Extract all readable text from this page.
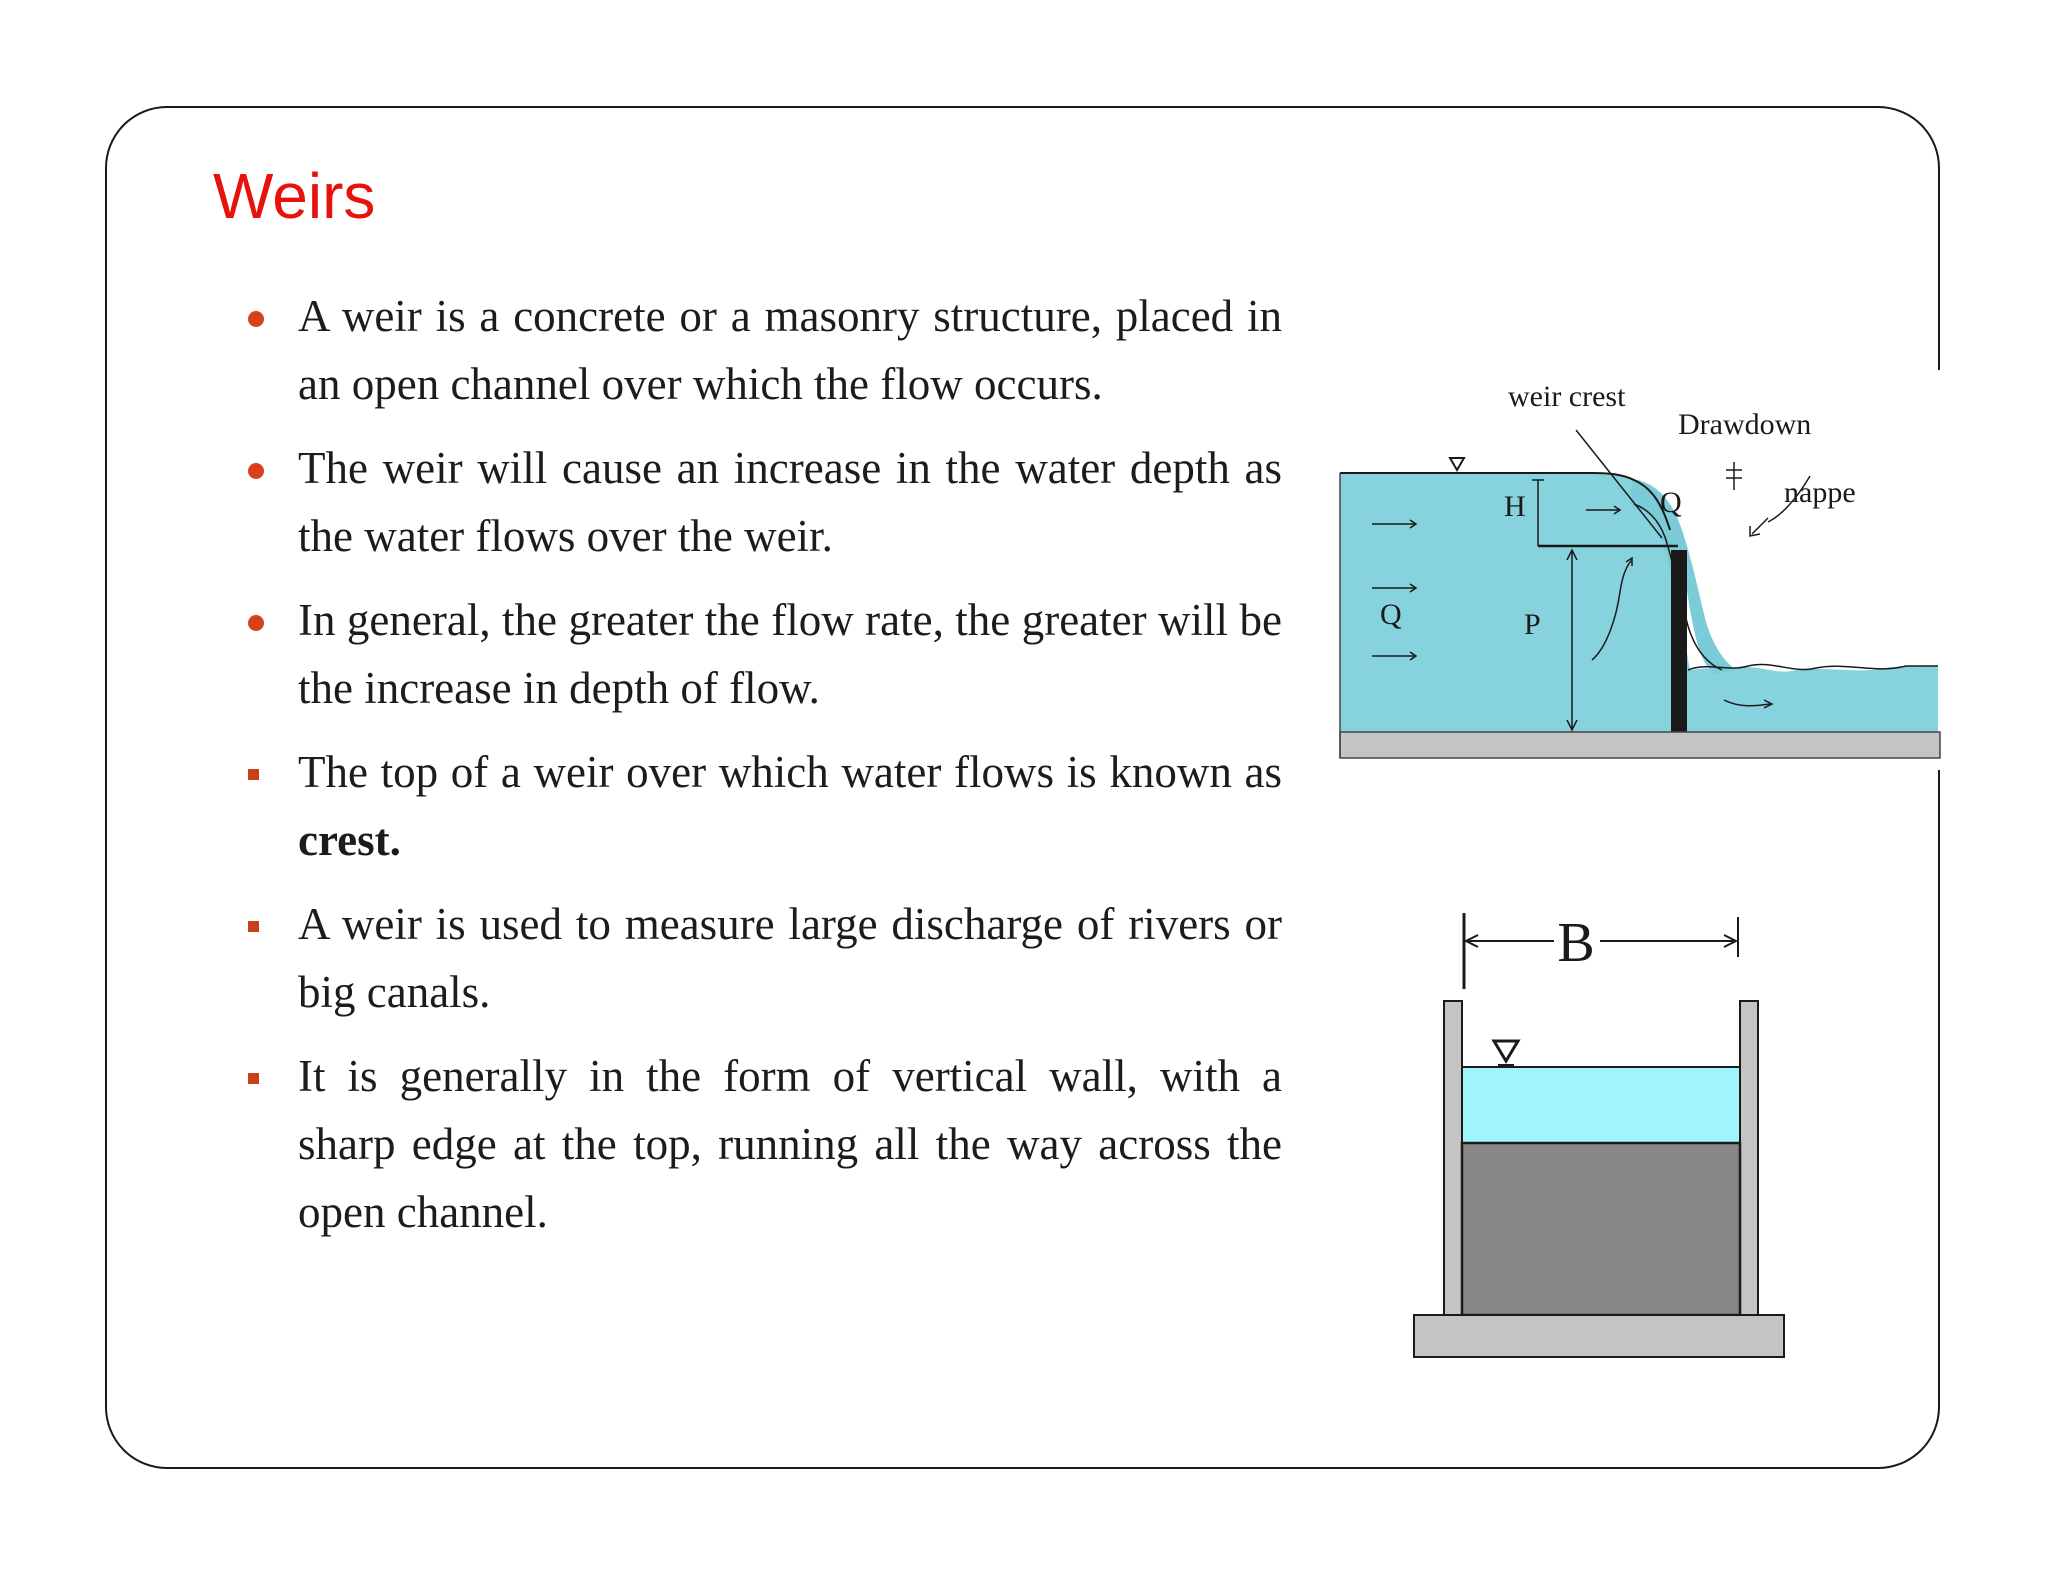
Weirs
A weir is a concrete or a masonry structure, placed in an open channel over which the flow occurs.
The weir will cause an increase in the water depth as the water flows over the weir.
In general, the greater the flow rate, the greater will be the increase in depth of flow.
The top of a weir over which water flows is known as crest.
A weir is used to measure large discharge of rivers or big canals.
It is generally in the form of vertical wall, with a sharp edge at the top, running all the way across the open channel.
weir crest
Drawdown
nappe
H
P
Q
Q
B
